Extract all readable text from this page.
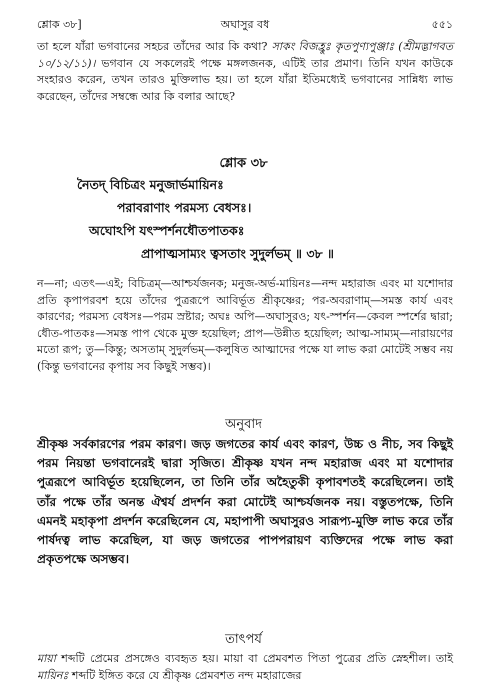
শ্লোক ৩৮]	অঘাসুর বধ	৫৫১

তা হলে যাঁরা ভগবানের সহচর তাঁদের আর কি কথা? সাকং বিজহ্রুঃ কৃতপুণ্যপুঞ্জাঃ (শ্রীমদ্ভাগবত ১০/১২/১১)। ভগবান যে সকলেরই পক্ষে মঙ্গলজনক, এটিই তার প্রমাণ। তিনি যখন কাউকে সংহারও করেন, তখন তারও মুক্তিলাভ হয়। তা হলে যাঁরা ইতিমধ্যেই ভগবানের সান্নিধ্য লাভ করেছেন, তাঁদের সম্বন্ধে আর কি বলার আছে?

শ্লোক ৩৮
নৈতদ্ বিচিত্রং মনুজার্ভমায়িনঃ
পরাবরাণাং পরমস্য বেধসঃ।
অঘোঽপি যৎস্পর্শনধৌতপাতকঃ
প্রাপাত্মসাম্যং ত্বসতাং সুদুর্লভম্ ॥ ৩৮ ॥

ন—না; এতৎ—এই; বিচিত্রম্—আশ্চর্যজনক; মনুজ-অর্ভ-মায়িনঃ—নন্দ মহারাজ এবং মা যশোদার প্রতি কৃপাপরবশ হয়ে তাঁদের পুত্ররূপে আবির্ভূত শ্রীকৃষ্ণের; পর-অবরাণাম্—সমস্ত কার্য এবং কারণের; পরমস্য বেধসঃ—পরম স্রষ্টার; অঘঃ অপি—অঘাসুরও; যৎ-স্পর্শন—কেবল স্পর্শের দ্বারা; ধৌত-পাতকঃ—সমস্ত পাপ থেকে মুক্ত হয়েছিল; প্রাপ—উন্নীত হয়েছিল; আত্ম-সাম্যম্—নারায়ণের মতো রূপ; তু—কিন্তু; অসতাম্ সুদুর্লভম্—কলুষিত আত্মাদের পক্ষে যা লাভ করা মোটেই সম্ভব নয় (কিন্তু ভগবানের কৃপায় সব কিছুই সম্ভব)।

অনুবাদ

শ্রীকৃষ্ণ সর্বকারণের পরম কারণ। জড় জগতের কার্য এবং কারণ, উচ্চ ও নীচ, সব কিছুই পরম নিয়ন্তা ভগবানেরই দ্বারা সৃজিত। শ্রীকৃষ্ণ যখন নন্দ মহারাজ এবং মা যশোদার পুত্ররূপে আবির্ভূত হয়েছিলেন, তা তিনি তাঁর অহৈতুকী কৃপাবশতই করেছিলেন। তাই তাঁর পক্ষে তাঁর অনন্ত ঐশ্বর্য প্রদর্শন করা মোটেই আশ্চর্যজনক নয়। বস্তুতপক্ষে, তিনি এমনই মহাকৃপা প্রদর্শন করেছিলেন যে, মহাপাপী অঘাসুরও সারূপ্য-মুক্তি লাভ করে তাঁর পার্ষদত্ব লাভ করেছিল, যা জড় জগতের পাপপরায়ণ ব্যক্তিদের পক্ষে লাভ করা প্রকৃতপক্ষে অসম্ভব।

তাৎপর্য

মায়া শব্দটি প্রেমের প্রসঙ্গেও ব্যবহৃত হয়। মায়া বা প্রেমবশত পিতা পুত্রের প্রতি স্নেহশীল। তাই মায়িনঃ শব্দটি ইঙ্গিত করে যে শ্রীকৃষ্ণ প্রেমবশত নন্দ মহারাজের
